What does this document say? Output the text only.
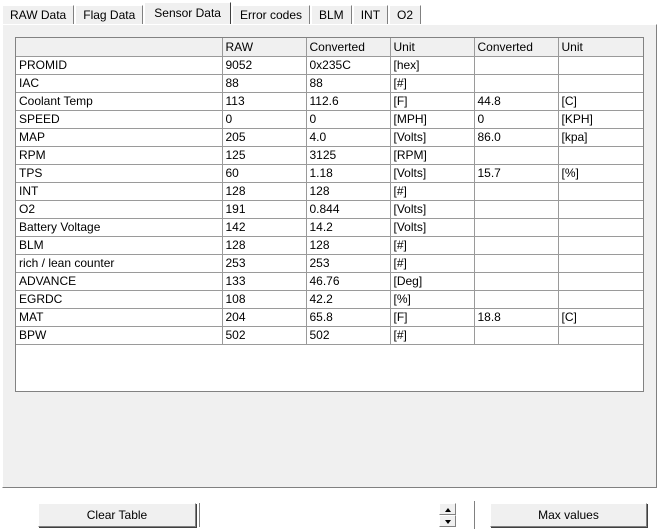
RAW Data	Flag Data	Sensor Data	Error codes	BLM	INT	O2
	RAW	Converted	Unit	Converted	Unit
PROMID	9052	0x235C	[hex]		
IAC	88	88	[#]		
Coolant Temp	113	112.6	[F]	44.8	[C]
SPEED	0	0	[MPH]	0	[KPH]
MAP	205	4.0	[Volts]	86.0	[kpa]
RPM	125	3125	[RPM]		
TPS	60	1.18	[Volts]	15.7	[%]
INT	128	128	[#]		
O2	191	0.844	[Volts]		
Battery Voltage	142	14.2	[Volts]		
BLM	128	128	[#]		
rich / lean counter	253	253	[#]		
ADVANCE	133	46.76	[Deg]		
EGRDC	108	42.2	[%]		
MAT	204	65.8	[F]	18.8	[C]
BPW	502	502	[#]		
Clear Table	Max values
